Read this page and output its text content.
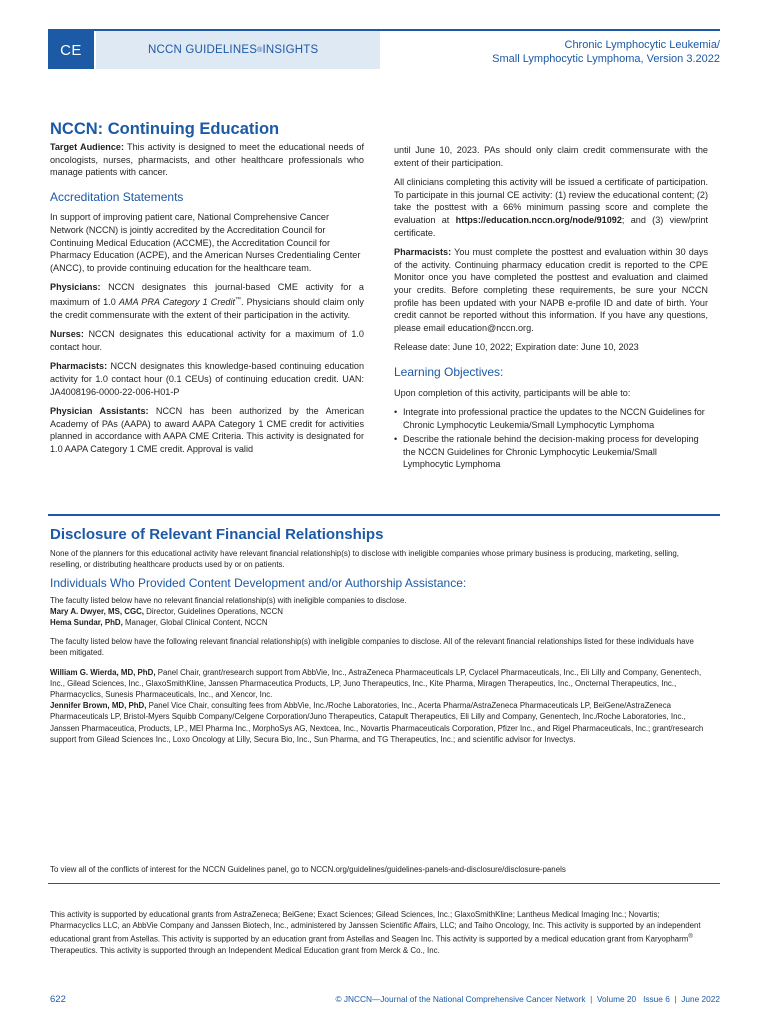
CE	NCCN GUIDELINES ® INSIGHTS	Chronic Lymphocytic Leukemia/
Small Lymphocytic Lymphoma, Version 3.2022
NCCN: Continuing Education

Target Audience: This activity is designed to meet the educational needs of oncologists, nurses, pharmacists, and other healthcare professionals who manage patients with cancer.

Accreditation Statements

In support of improving patient care, National Comprehensive Cancer Network (NCCN) is jointly accredited by the Accreditation Council for Continuing Medical Education (ACCME), the Accreditation Council for Pharmacy Education (ACPE), and the American Nurses Credentialing Center (ANCC), to provide continuing education for the healthcare team.

Physicians: NCCN designates this journal-based CME activity for a maximum of 1.0 AMA PRA Category 1 Credit™. Physicians should claim only the credit commensurate with the extent of their participation in the activity.

Nurses: NCCN designates this educational activity for a maximum of 1.0 contact hour.

Pharmacists: NCCN designates this knowledge-based continuing education activity for 1.0 contact hour (0.1 CEUs) of continuing education credit. UAN: JA4008196-0000-22-006-H01-P

Physician Assistants: NCCN has been authorized by the American Academy of PAs (AAPA) to award AAPA Category 1 CME credit for activities planned in accordance with AAPA CME Criteria. This activity is designated for 1.0 AAPA Category 1 CME credit. Approval is valid

until June 10, 2023. PAs should only claim credit commensurate with the extent of their participation.

All clinicians completing this activity will be issued a certificate of participation. To participate in this journal CE activity: (1) review the educational content; (2) take the posttest with a 66% minimum passing score and complete the evaluation at https://education.nccn.org/node/91092; and (3) view/print certificate.

Pharmacists: You must complete the posttest and evaluation within 30 days of the activity. Continuing pharmacy education credit is reported to the CPE Monitor once you have completed the posttest and evaluation and claimed your credits. Before completing these requirements, be sure your NCCN profile has been updated with your NAPB e-profile ID and date of birth. Your credit cannot be reported without this information. If you have any questions, please email education@nccn.org.

Release date: June 10, 2022; Expiration date: June 10, 2023

Learning Objectives:

Upon completion of this activity, participants will be able to:

• Integrate into professional practice the updates to the NCCN Guidelines for Chronic Lymphocytic Leukemia/Small Lymphocytic Lymphoma
• Describe the rationale behind the decision-making process for developing the NCCN Guidelines for Chronic Lymphocytic Leukemia/Small Lymphocytic Lymphoma
Disclosure of Relevant Financial Relationships

None of the planners for this educational activity have relevant financial relationship(s) to disclose with ineligible companies whose primary business is producing, marketing, selling, reselling, or distributing healthcare products used by or on patients.

Individuals Who Provided Content Development and/or Authorship Assistance:

The faculty listed below have no relevant financial relationship(s) with ineligible companies to disclose.

Mary A. Dwyer, MS, CGC, Director, Guidelines Operations, NCCN

Hema Sundar, PhD, Manager, Global Clinical Content, NCCN

The faculty listed below have the following relevant financial relationship(s) with ineligible companies to disclose. All of the relevant financial relationships listed for these individuals have been mitigated.

William G. Wierda, MD, PhD, Panel Chair, grant/research support from AbbVie, Inc., AstraZeneca Pharmaceuticals LP, Cyclacel Pharmaceuticals, Inc., Eli Lilly and Company, Genentech, Inc., Gilead Sciences, Inc., GlaxoSmithKline, Janssen Pharmaceutica Products, LP, Juno Therapeutics, Inc., Kite Pharma, Miragen Therapeutics, Inc., Oncternal Therapeutics, Inc., Pharmacyclics, Sunesis Pharmaceuticals, Inc., and Xencor, Inc.

Jennifer Brown, MD, PhD, Panel Vice Chair, consulting fees from AbbVie, Inc./Roche Laboratories, Inc., Acerta Pharma/AstraZeneca Pharmaceuticals LP, BeiGene/AstraZeneca Pharmaceuticals LP, Bristol-Myers Squibb Company/Celgene Corporation/Juno Therapeutics, Catapult Therapeutics, Eli Lilly and Company, Genentech, Inc./Roche Laboratories, Inc., Janssen Pharmaceutica, Products, LP., MEI Pharma Inc., MorphoSys AG, Nextcea, Inc., Novartis Pharmaceuticals Corporation, Pfizer Inc., and Rigel Pharmaceuticals, Inc.; grant/research support from Gilead Sciences Inc., Loxo Oncology at Lilly, Secura Bio, Inc., Sun Pharma, and TG Therapeutics, Inc.; and scientific advisor for Invectys.

To view all of the conflicts of interest for the NCCN Guidelines panel, go to NCCN.org/guidelines/guidelines-panels-and-disclosure/disclosure-panels
This activity is supported by educational grants from AstraZeneca; BeiGene; Exact Sciences; Gilead Sciences, Inc.; GlaxoSmithKline; Lantheus Medical Imaging Inc.; Novartis; Pharmacyclics LLC, an AbbVie Company and Janssen Biotech, Inc., administered by Janssen Scientific Affairs, LLC; and Taiho Oncology, Inc. This activity is supported by an independent educational grant from Astellas. This activity is supported by an education grant from Astellas and Seagen Inc. This activity is supported by a medical education grant from Karyopharm® Therapeutics. This activity is supported through an Independent Medical Education grant from Merck & Co., Inc.
622	© JNCCN—Journal of the National Comprehensive Cancer Network | Volume 20 Issue 6 | June 2022
